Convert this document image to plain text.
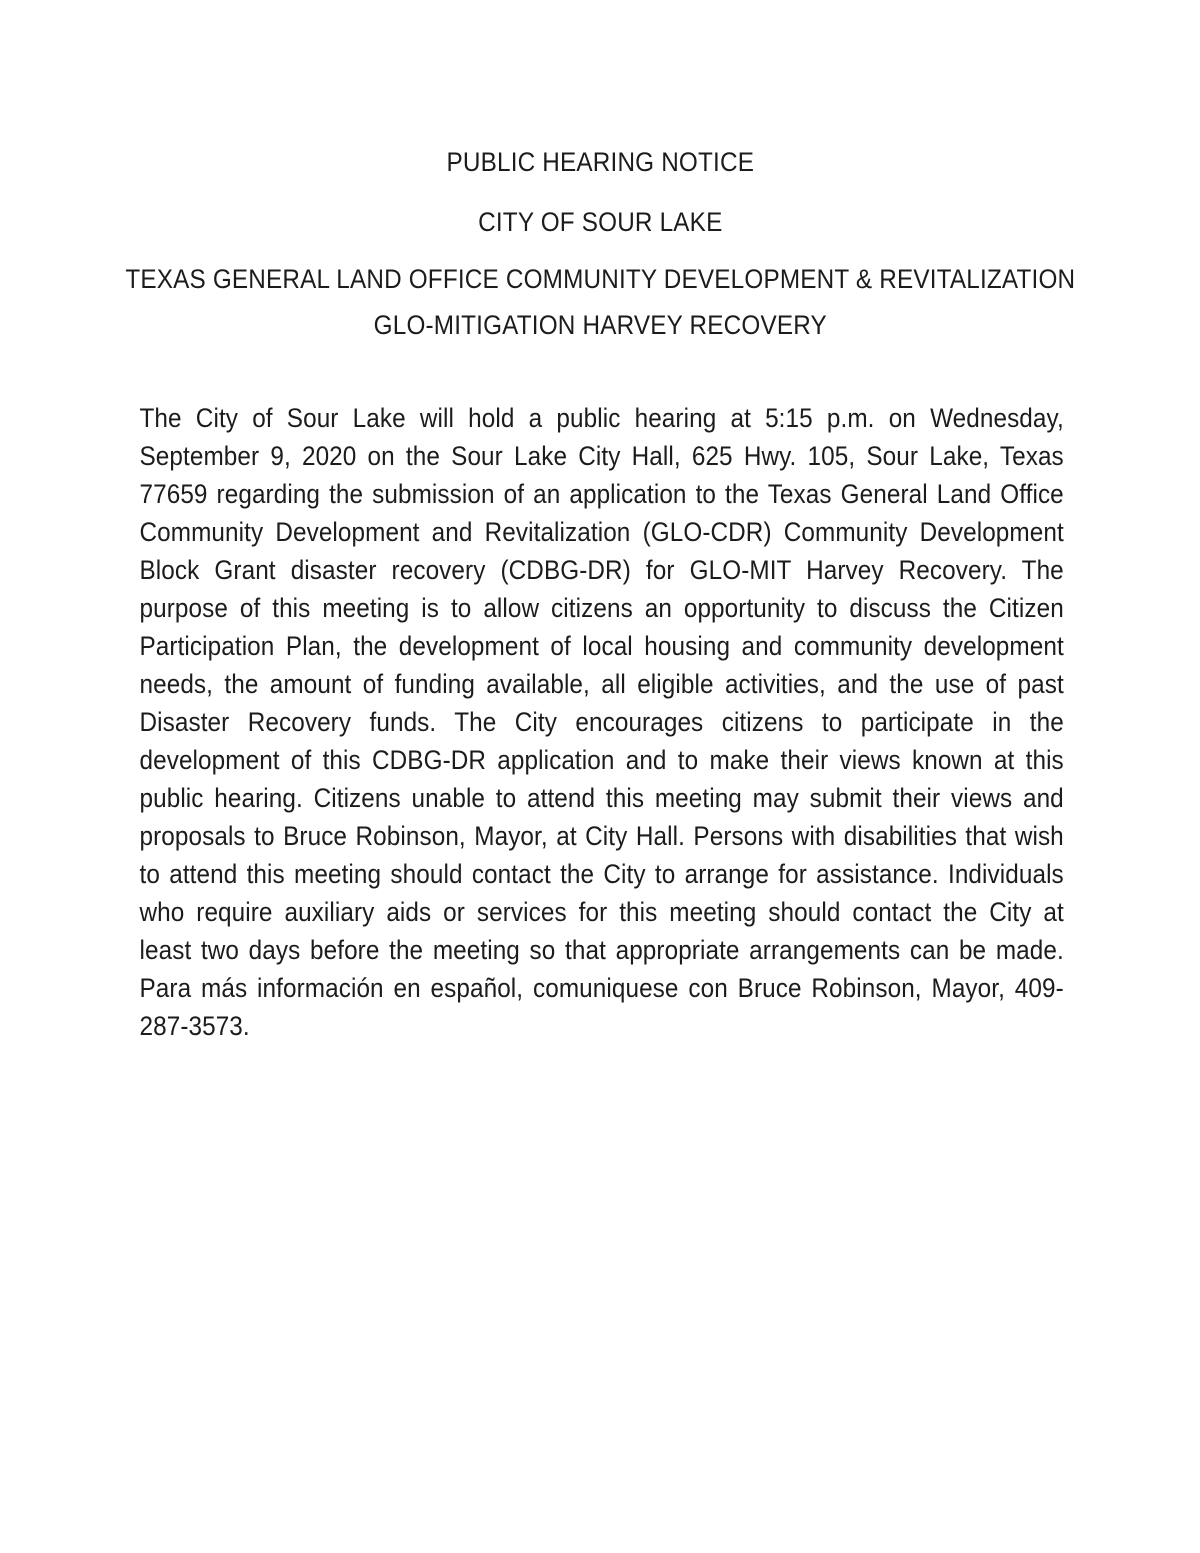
PUBLIC HEARING NOTICE

CITY OF SOUR LAKE

TEXAS GENERAL LAND OFFICE COMMUNITY DEVELOPMENT & REVITALIZATION

GLO-MITIGATION HARVEY RECOVERY

The City of Sour Lake will hold a public hearing at 5:15 p.m. on Wednesday, September 9, 2020 on the Sour Lake City Hall, 625 Hwy. 105, Sour Lake, Texas 77659 regarding the submission of an application to the Texas General Land Office Community Development and Revitalization (GLO-CDR) Community Development Block Grant disaster recovery (CDBG-DR) for GLO-MIT Harvey Recovery. The purpose of this meeting is to allow citizens an opportunity to discuss the Citizen Participation Plan, the development of local housing and community development needs, the amount of funding available, all eligible activities, and the use of past Disaster Recovery funds. The City encourages citizens to participate in the development of this CDBG-DR application and to make their views known at this public hearing. Citizens unable to attend this meeting may submit their views and proposals to Bruce Robinson, Mayor, at City Hall. Persons with disabilities that wish to attend this meeting should contact the City to arrange for assistance. Individuals who require auxiliary aids or services for this meeting should contact the City at least two days before the meeting so that appropriate arrangements can be made. Para más información en español, comuniquese con Bruce Robinson, Mayor, 409-287-3573.
